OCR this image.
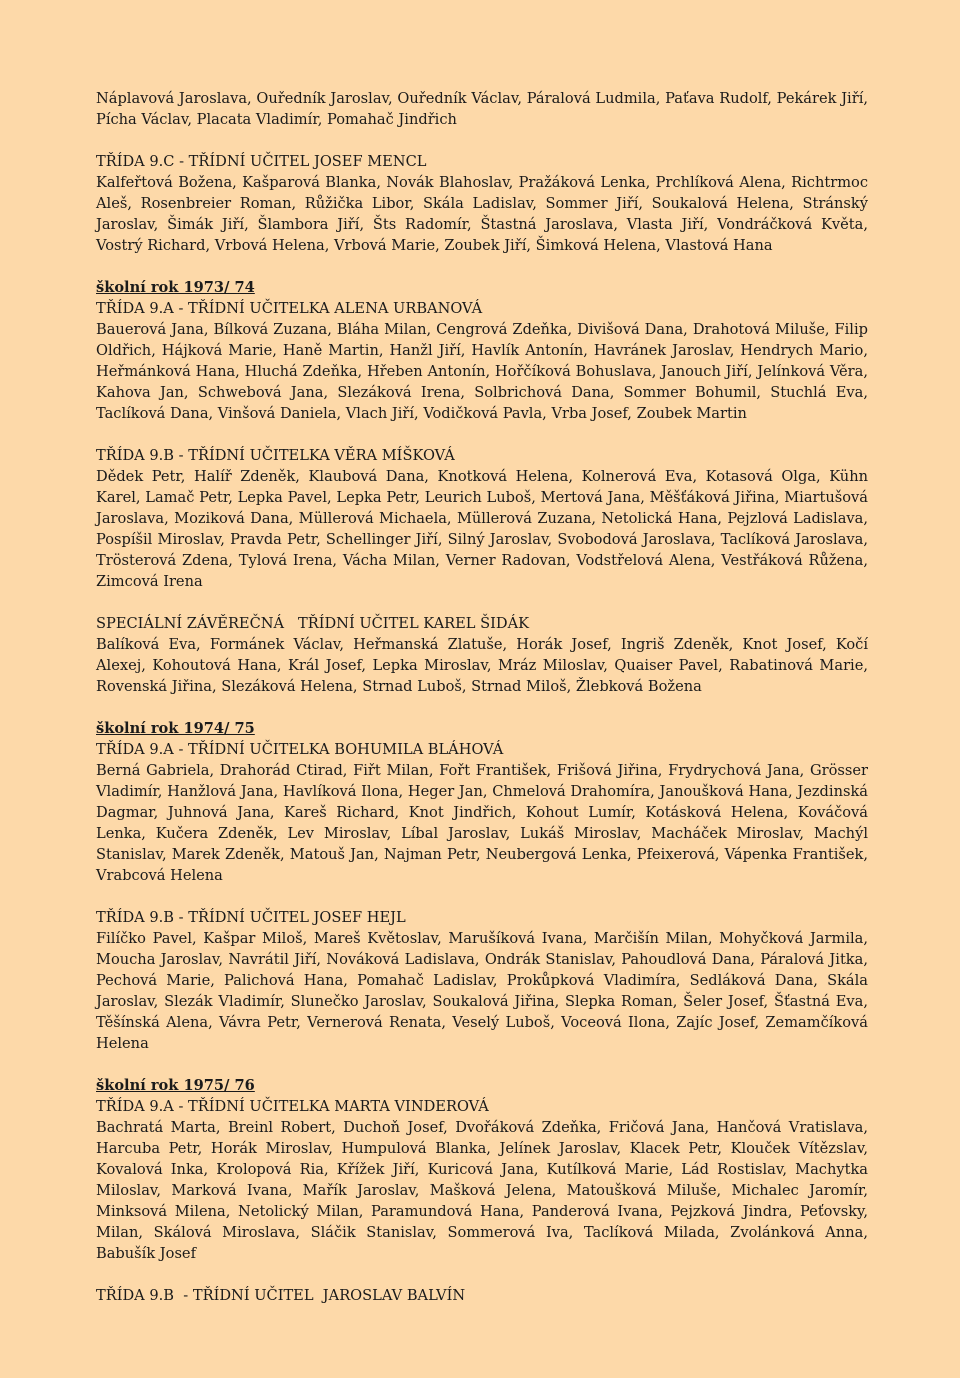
Náplavová Jaroslava, Ouředník Jaroslav, Ouředník Václav, Páralová Ludmila, Paťava Rudolf, Pekárek Jiří, Pícha Václav, Placata Vladimír, Pomahač Jindřich

TŘÍDA 9.C - TŘÍDNÍ UČITEL JOSEF MENCL

Kalfeřtová Božena, Kašparová Blanka, Novák Blahoslav, Pražáková Lenka, Prchlíková Alena, Richtrmoc Aleš, Rosenbreier Roman, Růžička Libor, Skála Ladislav, Sommer Jiří, Soukalová Helena, Stránský Jaroslav, Šimák Jiří, Šlambora Jiří, Šts Radomír, Štastná Jaroslava, Vlasta Jiří, Vondráčková Květa, Vostrý Richard, Vrbová Helena, Vrbová Marie, Zoubek Jiří, Šimková Helena, Vlastová Hana

školní rok 1973/ 74

TŘÍDA 9.A - TŘÍDNÍ UČITELKA ALENA URBANOVÁ

Bauerová Jana, Bílková Zuzana, Bláha Milan, Cengrová Zdeňka, Divišová Dana, Drahotová Miluše, Filip Oldřich, Hájková Marie, Haně Martin, Hanžl Jiří, Havlík Antonín, Havránek Jaroslav, Hendrych Mario, Heřmánková Hana, Hluchá Zdeňka, Hřeben Antonín, Hořčíková Bohuslava, Janouch Jiří, Jelínková Věra, Kahova Jan, Schwebová Jana, Slezáková Irena, Solbrichová Dana, Sommer Bohumil, Stuchlá Eva, Taclíková Dana, Vinšová Daniela, Vlach Jiří, Vodičková Pavla, Vrba Josef, Zoubek Martin

TŘÍDA 9.B - TŘÍDNÍ UČITELKA VĚRA MÍŠKOVÁ

Dědek Petr, Halíř Zdeněk, Klaubová Dana, Knotková Helena, Kolnerová Eva, Kotasová Olga, Kühn Karel, Lamač Petr, Lepka Pavel, Lepka Petr, Leurich Luboš, Mertová Jana, Měšťáková Jiřina, Miartušová Jaroslava, Moziková Dana, Müllerová Michaela, Müllerová Zuzana, Netolická Hana, Pejzlová Ladislava, Pospíšil Miroslav, Pravda Petr, Schellinger Jiří, Silný Jaroslav, Svobodová Jaroslava, Taclíková Jaroslava, Trösterová Zdena, Tylová Irena, Vácha Milan, Verner Radovan, Vodstřelová Alena, Vestřáková Růžena, Zimcová Irena

SPECIÁLNÍ ZÁVĚREČNÁ   TŘÍDNÍ UČITEL KAREL ŠIDÁK

Balíková Eva, Formánek Václav, Heřmanská Zlatuše, Horák Josef, Ingriš Zdeněk, Knot Josef, Kočí Alexej, Kohoutová Hana, Král Josef, Lepka Miroslav, Mráz Miloslav, Quaiser Pavel, Rabatinová Marie, Rovenská Jiřina, Slezáková Helena, Strnad Luboš, Strnad Miloš, Žlebková Božena

školní rok 1974/ 75

TŘÍDA 9.A - TŘÍDNÍ UČITELKA BOHUMILA BLÁHOVÁ

Berná Gabriela, Drahorád Ctirad, Fiřt Milan, Fořt František, Frišová Jiřina, Frydrychová Jana, Grösser Vladimír, Hanžlová Jana, Havlíková Ilona, Heger Jan, Chmelová Drahomíra, Janoušková Hana, Jezdinská Dagmar, Juhnová Jana, Kareš Richard, Knot Jindřich, Kohout Lumír, Kotásková Helena, Kováčová Lenka, Kučera Zdeněk, Lev Miroslav, Líbal Jaroslav, Lukáš Miroslav, Macháček Miroslav, Machýl Stanislav, Marek Zdeněk, Matouš Jan, Najman Petr, Neubergová Lenka, Pfeixerová, Vápenka František, Vrabcová Helena

TŘÍDA 9.B - TŘÍDNÍ UČITEL JOSEF HEJL

Filíčko Pavel, Kašpar Miloš, Mareš Květoslav, Marušíková Ivana, Marčišín Milan, Mohyčková Jarmila, Moucha Jaroslav, Navrátil Jiří, Nováková Ladislava, Ondrák Stanislav, Pahoudlová Dana, Páralová Jitka, Pechová Marie, Palichová Hana, Pomahač Ladislav, Prokůpková Vladimíra, Sedláková Dana, Skála Jaroslav, Slezák Vladimír, Slunečko Jaroslav, Soukalová Jiřina, Slepka Roman, Šeler Josef, Šťastná Eva, Těšínská Alena, Vávra Petr, Vernerová Renata, Veselý Luboš, Voceová Ilona, Zajíc Josef, Zemamčíková Helena

školní rok 1975/ 76

TŘÍDA 9.A - TŘÍDNÍ UČITELKA MARTA VINDEROVÁ

Bachratá Marta, Breinl Robert, Duchoň Josef, Dvořáková Zdeňka, Fričová Jana, Hančová Vratislava, Harcuba Petr, Horák Miroslav, Humpulová Blanka, Jelínek Jaroslav, Klacek Petr, Klouček Vítězslav, Kovalová Inka, Krolopová Ria, Křížek Jiří, Kuricová Jana, Kutílková Marie, Lád Rostislav, Machytka Miloslav, Marková Ivana, Mařík Jaroslav, Mašková Jelena, Matoušková Miluše, Michalec Jaromír, Minksová Milena, Netolický Milan, Paramundová Hana, Panderová Ivana, Pejzková Jindra, Peťovsky, Milan, Skálová Miroslava, Sláčik Stanislav, Sommerová Iva, Taclíková Milada, Zvolánková Anna, Babušík Josef

TŘÍDA 9.B  - TŘÍDNÍ UČITEL  JAROSLAV BALVÍN
